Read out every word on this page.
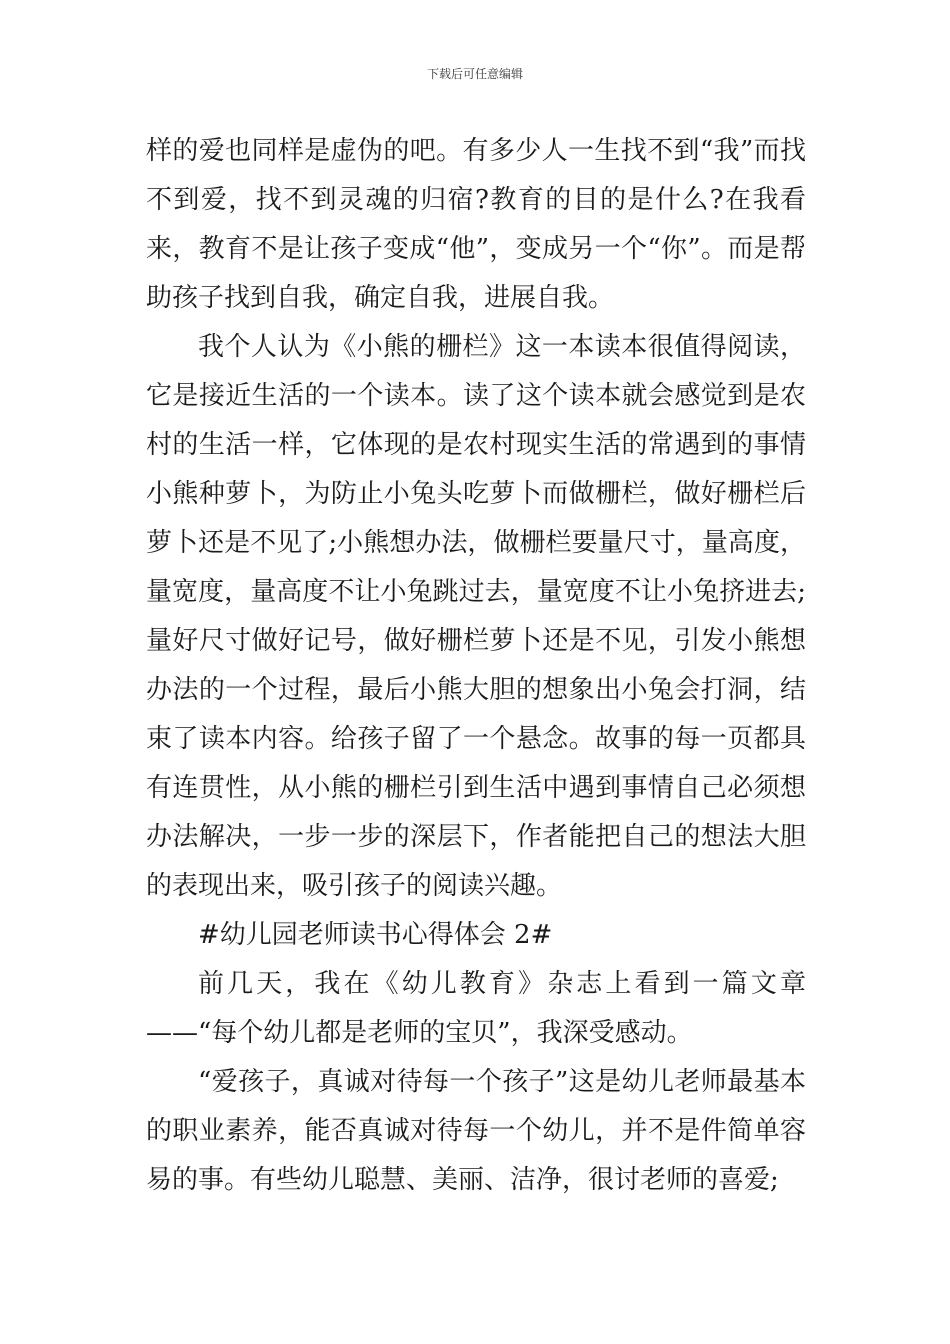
下载后可任意编辑

样的爱也同样是虚伪的吧。有多少人一生找不到“我”而找不到爱，找不到灵魂的归宿?教育的目的是什么?在我看来，教育不是让孩子变成“他”，变成另一个“你”。而是帮助孩子找到自我，确定自我，进展自我。

我个人认为《小熊的栅栏》这一本读本很值得阅读，它是接近生活的一个读本。读了这个读本就会感觉到是农村的生活一样，它体现的是农村现实生活的常遇到的事情小熊种萝卜，为防止小兔头吃萝卜而做栅栏，做好栅栏后萝卜还是不见了;小熊想办法，做栅栏要量尺寸，量高度，量宽度，量高度不让小兔跳过去，量宽度不让小兔挤进去;量好尺寸做好记号，做好栅栏萝卜还是不见，引发小熊想办法的一个过程，最后小熊大胆的想象出小兔会打洞，结束了读本内容。给孩子留了一个悬念。故事的每一页都具有连贯性，从小熊的栅栏引到生活中遇到事情自己必须想办法解决，一步一步的深层下，作者能把自己的想法大胆的表现出来，吸引孩子的阅读兴趣。

#幼儿园老师读书心得体会 2#

前几天，我在《幼儿教育》杂志上看到一篇文章——“每个幼儿都是老师的宝贝”，我深受感动。

“爱孩子，真诚对待每一个孩子”这是幼儿老师最基本的职业素养，能否真诚对待每一个幼儿，并不是件简单容易的事。有些幼儿聪慧、美丽、洁净，很讨老师的喜爱;
